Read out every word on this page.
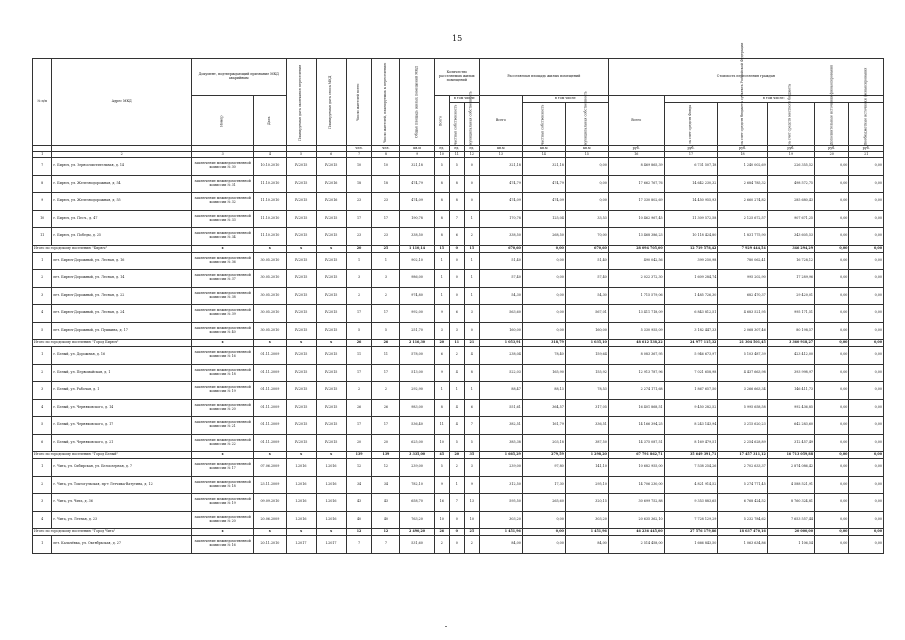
15
№ п/п	Адрес МКД	Документ, подтверждающий признание МКД аварийным		Планируемая дата окончания переселения	Планируемая дата сноса МКД	Число жителей всего	Число жителей, планируемых к переселению	Общая площадь жилых помещений МКД	Количество расселяемых жилых помещений			Расселяемая площадь жилых помещений			Стоимость переселения граждан					
		Номер	Дата						Всего	в том числе		Всего	в том числе		Всего	в том числе:				
										частная собственность	муниципальная собственность		частная собственность	муниципальная собственность		за счет средств Фонда	за счет средств бюджета субъекта Российской Федерации	за счет средств местного бюджета	Дополнительные источники финансирования	Внебюджетные источники финансирования
						чел.	чел.	кв.м	ед.	ед.	ед.	кв.м	кв.м	кв.м	руб.	руб.	руб.	руб.	руб.	руб.
1	2	3	4	5	6	7	8	9	10	11	12	13	14	15	16	17	18	19	20	21
7	г. Бирюч, ул. Зерноочистительная, д. 14	заключение межведомственной комиссии № 30	10.10.2010	IV.2015	IV.2015	10	10	321,18	5	5	0	321,18	321,18	0,00	8 469 865,39	6 731 507,18	1 240 002,69	226 355,52	0,00	0,00
8	г. Бирюч, ул. Железнодорожная, д. 54	заключение межведомственной комиссии № 31	11.10.2010	IV.2015	IV.2016	18	18	474,79	8	8	0	474,79	474,79	0,00	17 662 767,76	14 642 230,32	2 684 785,32	498 572,75	0,00	0,00
9	г. Бирюч, ул. Железнодорожная, д. 55	заключение межведомственной комиссии № 32	11.10.2010	IV.2015	IV.2016	23	23	474,09	8	8	0	474,09	474,09	0,00	17 330 802,69	14 450 955,93	2 660 274,82	285 680,43	0,00	0,00
10	г. Бирюч, ул. Песч., д. 47	заключение межведомственной комиссии № 33	11.10.2010	IV.2015	IV.2015	17	17	190,78	8	7	1	170,78	125,04	33,53	10 462 967,45	11 309 572,58	2 125 672,57	907 671,25	0,00	0,00
11	г. Бирюч, ул. Победы, д. 25	заключение межведомственной комиссии № 34	11.10.2010	IV.2015	IV.2015	23	23	338,50	8	6	2	338,50	268,50	70,00	13 468 386,23	10 118 424,80	1 831 775,90	343 605,53	0,00	0,00
Итого по городскому поселению "Бирюч"		x	x	x	x	20	25	1 110,14	15	0	15	670,60	0,00	670,60	28 094 705,00	12 719 578,42	7 929 444,54	346 294,29	0,00	0,00
1	пгт. Бирюч-Дорожный, ул. Лесная, д. 16	заключение межведомственной комиссии № 36	30.05.2010	IV.2015	IV.2015	1	1	902,10	1	0	1	51,40	0,00	51,40	490 042,56	399 250,98	780 062,41	16 728,12	0,00	0,00
2	пгт. Бирюч-Дорожный, ул. Лесная, д. 14	заключение межведомственной комиссии № 37	30.05.2010	IV.2015	IV.2015	3	3	986,00	1	0	1	57,40	0,00	57,40	2 022 372,30	1 609 284,74	995 202,90	17 289,96	0,00	0,00
3	пгт. Бирюч-Дорожный, ул. Лесная, д. 22	заключение межведомственной комиссии № 38	30.05.2010	IV.2015	IV.2015	2	2	974,80	1	0	1	54,30	0,00	54,30	1 715 579,06	1 485 726,30	682 470,37	29 420,01	0,00	0,00
4	пгт. Бирюч-Дорожный, ул. Лесная, д. 24	заключение межведомственной комиссии № 39	30.05.2010	IV.2015	IV.2015	17	17	992,00	9	6	3	563,60	0,00	567,01	13 411 718,09	6 843 812,51	4 683 521,95	995 171,51	0,00	0,00
5	пгт. Бирюч-Дорожный, ул. Пушкина, д. 17	заключение межведомственной комиссии № 40	30.05.2010	IV.2015	IV.2015	5	5	251,70	3	3	0	160,00	0,00	160,00	5 330 955,09	3 182 447,33	2 068 307,46	80 198,57	0,00	0,00
Итого по городскому поселению "Город Бирюч"		x	x	x	x	26	26	2 116,30	20	11	21	1 053,91	318,79	1 035,10	48 612 538,22	24 977 115,32	21 304 501,45	3 360 918,27	0,00	0,00
1	г. Белый, ул. Дорожная, д. 16	заключение межведомственной комиссии № 16	01.11.2009	IV.2015	IV.2015	11	11	578,00	6	2	4	238,04	78,40	159,64	8 083 367,95	5 946 673,97	5 103 487,39	423 412,00	0,00	0,00
2	г. Белый, ул. Первомайская, д. 1	заключение межведомственной комиссии № 18	01.11.2009	IV.2015	IV.2015	17	17	513,00	9	4	8	522,03	165,90	155,92	12 913 787,96	7 021 658,98	4 437 663,98	393 998,97	0,00	0,00
3	г. Белый, ул. Рабочая, д. 1	заключение межведомственной комиссии № 19	01.11.2009	IV.2015	IV.2015	2	2	292,90	1	1	1	88,47	88,13	78,53	2 274 171,68	1 867 657,50	3 266 663,34	146 411,73	0,00	0,00
4	г. Белый, ул. Черняховского, д. 14	заключение межведомственной комиссии № 20	01.11.2009	IV.2015	IV.2015	26	26	983,00	8	4	6	551,61	364,57	317,05	16 401 868,51	9 450 282,52	5 995 658,58	992 436,85	0,00	0,00
5	г. Белый, ул. Черняховского, д. 17	заключение межведомственной комиссии № 21	01.11.2009	IV.2015	IV.2015	17	17	536,40	11	4	7	382,51	161,79	336,51	14 166 394,25	8 243 143,94	3 215 620,23	642 283,60	0,00	0,00
6	г. Белый, ул. Черняховского, д. 21	заключение межведомственной комиссии № 22	01.11.2009	IV.2015	IV.2015	20	20	625,00	10	5	5	385,38	203,18	387,50	14 375 087,51	8 169 479,51	2 254 628,89	312 457,49	0,00	0,00
Итого по городскому поселению "Город Белый"		x	x	x	x	139	139	3 335,00	45	20	35	1 665,29	279,59	1 298,20	67 791 862,71	35 649 391,71	17 457 311,12	16 713 059,88	0,00	0,00
1	г. Чита, ул. Сибирская, ул. Белоозерная, д. 7	заключение межведомственной комиссии № 17	07.06.2009	I.2016	I.2016	12	12	239,00	5	2	3	239,00	97,80	141,10	10 682 955,00	7 538 254,26	2 702 633,37	2 874 086,42	0,00	0,00
2	г. Чита, ул. Токтогульская, пр-т Летчика-Ватутина, д. 12	заключение межведомственной комиссии № 18	23.11.2009	I.2016	I.2016	34	34	782,10	9	1	9	312,50	17,30	295,10	14 706 230,00	4 821 914,52	5 274 771,45	4 588 521,91	0,00	0,00
3	г. Чита, ул. Чита, д. 36	заключение межведомственной комиссии № 19	09.09.2010	I.2016	I.2016	43	43	658,70	16	7	13	595,50	265,60	320,15	30 699 752,88	9 353 883,65	6 768 424,52	8 760 324,81	0,00	0,00
4	г. Чита, ул. Летная, д. 23	заключение межведомственной комиссии № 20	20.06.2009	I.2016	I.2016	40	40	763,20	10	0	10	303,20	0,00	303,20	20 635 362,10	7 728 129,29	5 232 784,62	7 653 557,44	0,00	0,00
Итого по городскому поселению "Город Чита"		x	x	x	x	12	12	2 490,20	26	0	25	1 451,96	0,00	1 451,96	46 236 445,00	27 576 179,86	18 037 470,16	20 000,00	0,00	0,00
1	пгт. Калачёвка, ул. Октябрьская, д. 27	заключение межведомственной комиссии № 16	20.11.2010	I.2017	I.2017	7	7	531,60	2	0	2	84,00	0,00	84,00	2 514 458,00	1 666 843,50	1 063 634,86	1 106,54	0,00	0,00
